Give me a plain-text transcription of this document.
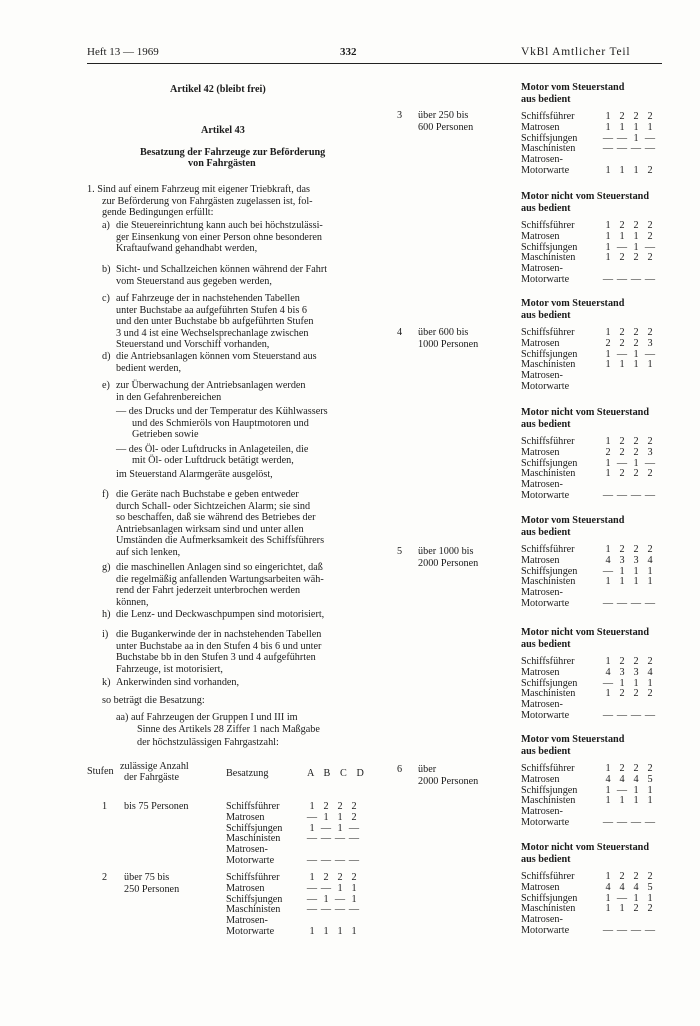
Heft 13 — 1969	332	VkBl Amtlicher Teil
Artikel 42 (bleibt frei)
Artikel 43
Besatzung der Fahrzeuge zur Beförderung
von Fahrgästen
1. Sind auf einem Fahrzeug mit eigener Triebkraft, das
zur Beförderung von Fahrgästen zugelassen ist, fol-
gende Bedingungen erfüllt:
a) die Steuereinrichtung kann auch bei höchstzulässi-
ger Einsenkung von einer Person ohne besonderen
Kraftaufwand gehandhabt werden,
b) Sicht- und Schallzeichen können während der Fahrt
vom Steuerstand aus gegeben werden,
c) auf Fahrzeuge der in nachstehenden Tabellen
unter Buchstabe aa aufgeführten Stufen 4 bis 6
und den unter Buchstabe bb aufgeführten Stufen
3 und 4 ist eine Wechselsprechanlage zwischen
Steuerstand und Vorschiff vorhanden,
d) die Antriebsanlagen können vom Steuerstand aus
bedient werden,
e) zur Überwachung der Antriebsanlagen werden
in den Gefahrenbereichen
— des Drucks und der Temperatur des Kühlwassers
und des Schmieröls von Hauptmotoren und
Getrieben sowie
— des Öl- oder Luftdrucks in Anlageteilen, die
mit Öl- oder Luftdruck betätigt werden,
im Steuerstand Alarmgeräte ausgelöst,
f) die Geräte nach Buchstabe e geben entweder
durch Schall- oder Sichtzeichen Alarm; sie sind
so beschaffen, daß sie während des Betriebes der
Antriebsanlagen wirksam sind und unter allen
Umständen die Aufmerksamkeit des Schiffsführers
auf sich lenken,
g) die maschinellen Anlagen sind so eingerichtet, daß
die regelmäßig anfallenden Wartungsarbeiten wäh-
rend der Fahrt jederzeit unterbrochen werden
können,
h) die Lenz- und Deckwaschpumpen sind motorisiert,
i) die Bugankerwinde der in nachstehenden Tabellen
unter Buchstabe aa in den Stufen 4 bis 6 und unter
Buchstabe bb in den Stufen 3 und 4 aufgeführten
Fahrzeuge, ist motorisiert,
k) Ankerwinden sind vorhanden,
so beträgt die Besatzung:
aa) auf Fahrzeugen der Gruppen I und III im
Sinne des Artikels 28 Ziffer 1 nach Maßgabe
der höchstzulässigen Fahrgastzahl:
Stufen zulässige Anzahl
der Fahrgäste	Besatzung	A B C D
1 bis 75 Personen	Schiffsführer	1 2 2 2
Matrosen	— 1 1 2
Schiffsjungen	1 — 1 —
Maschinisten	— — — —
Matrosen-
Motorwarte	— — — —
2 über 75 bis
250 Personen
Schiffsführer	1 2 2 2
Matrosen	— — 1 1
Schiffsjungen — 1 — 1
Maschinisten	— — — —
Matrosen-
Motorwarte	1 1 1 1
3 über 250 bis
600 Personen
Motor vom Steuerstand
aus bedient
Schiffsführer	1 2 2 2
Matrosen	1 1 1 1
Schiffsjungen	— — 1 —
Maschinisten	— — — —
Matrosen-
Motorwarte	1 1 1 2
Motor nicht vom Steuerstand
aus bedient
Schiffsführer	1 2 2 2
Matrosen	1 1 1 2
Schiffsjungen	1 — 1 —
Maschinisten	1 2 2 2
Matrosen-
Motorwarte	— — — —
4 über 600 bis
1000 Personen
Motor vom Steuerstand
aus bedient
Schiffsführer	1 2 2 2
Matrosen	2 2 2 3
Schiffsjungen	1 — 1 —
Maschinisten	1 1 1 1
Matrosen-
Motorwarte
Motor nicht vom Steuerstand
aus bedient
Schiffsführer	1 2 2 2
Matrosen	2 2 2 3
Schiffsjungen	1 — 1 —
Maschinisten	1 2 2 2
Matrosen-
Motorwarte	— — — —
5 über 1000 bis
2000 Personen
Motor vom Steuerstand
aus bedient
Schiffsführer	1 2 2 2
Matrosen	4 3 3 4
Schiffsjungen	— 1 1 1
Maschinisten	1 1 1 1
Matrosen-
Motorwarte	— — — —
Motor nicht vom Steuerstand
aus bedient
Schiffsführer	1 2 2 2
Matrosen	4 3 3 4
Schiffsjungen	— 1 1 1
Maschinisten	1 2 2 2
Matrosen-
Motorwarte	— — — —
6 über
2000 Personen
Motor vom Steuerstand
aus bedient
Schiffsführer	1 2 2 2
Matrosen	4 4 4 5
Schiffsjungen	1 — 1 1
Maschinisten	1 1 1 1
Matrosen-
Motorwarte	— — — —
Motor nicht vom Steuerstand
aus bedient
Schiffsführer	1 2 2 2
Matrosen	4 4 4 5
Schiffsjungen	1 — 1 1
Maschinisten	1 1 2 2
Matrosen-
Motorwarte	— — — —
